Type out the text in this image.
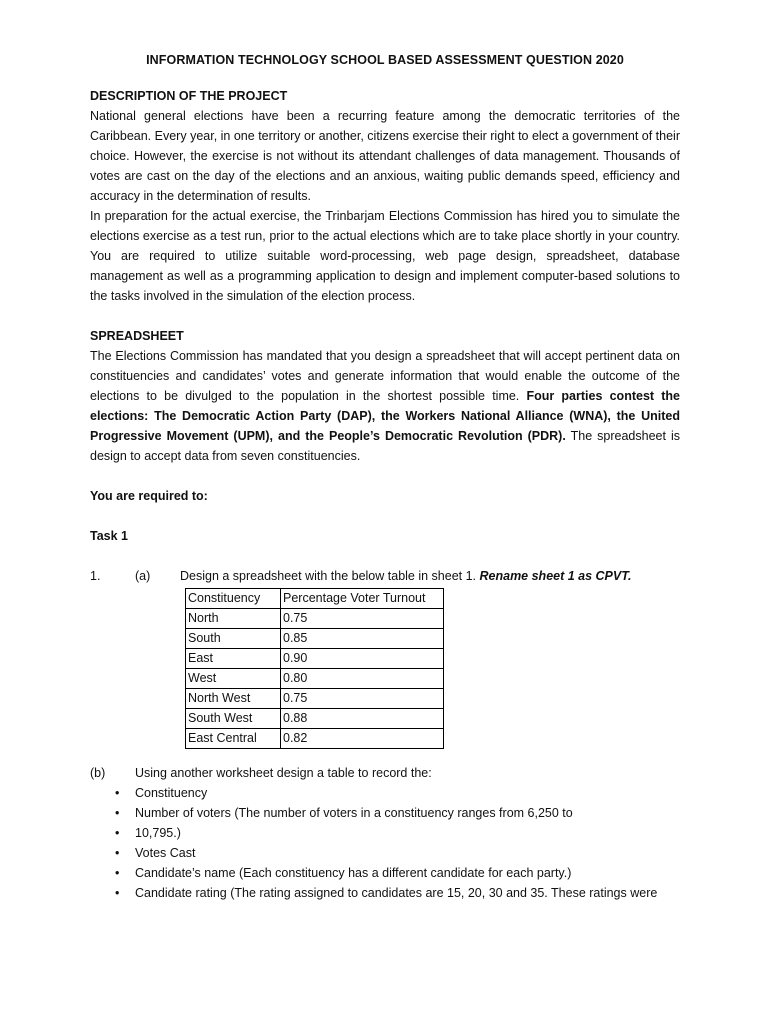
INFORMATION TECHNOLOGY SCHOOL BASED ASSESSMENT QUESTION 2020
DESCRIPTION OF THE PROJECT

National general elections have been a recurring feature among the democratic territories of the Caribbean. Every year, in one territory or another, citizens exercise their right to elect a government of their choice. However, the exercise is not without its attendant challenges of data management. Thousands of votes are cast on the day of the elections and an anxious, waiting public demands speed, efficiency and accuracy in the determination of results.

In preparation for the actual exercise, the Trinbarjam Elections Commission has hired you to simulate the elections exercise as a test run, prior to the actual elections which are to take place shortly in your country. You are required to utilize suitable word-processing, web page design, spreadsheet, database management as well as a programming application to design and implement computer-based solutions to the tasks involved in the simulation of the election process.

SPREADSHEET

The Elections Commission has mandated that you design a spreadsheet that will accept pertinent data on constituencies and candidates’ votes and generate information that would enable the outcome of the elections to be divulged to the population in the shortest possible time. Four parties contest the elections: The Democratic Action Party (DAP), the Workers National Alliance (WNA), the United Progressive Movement (UPM), and the People’s Democratic Revolution (PDR). The spreadsheet is design to accept data from seven constituencies.

You are required to:
Task 1
1.	(a)	Design a spreadsheet with the below table in sheet 1. Rename sheet 1 as CPVT.
Constituency	Percentage Voter Turnout
North	0.75
South	0.85
East	0.90
West	0.80
North West	0.75
South West	0.88
East Central	0.82
(b)	Using another worksheet design a table to record the:
•	Constituency
•	Number of voters (The number of voters in a constituency ranges from 6,250 to
•	10,795.)
•	Votes Cast
•	Candidate’s name (Each constituency has a different candidate for each party.)
•	Candidate rating (The rating assigned to candidates are 15, 20, 30 and 35. These ratings were
